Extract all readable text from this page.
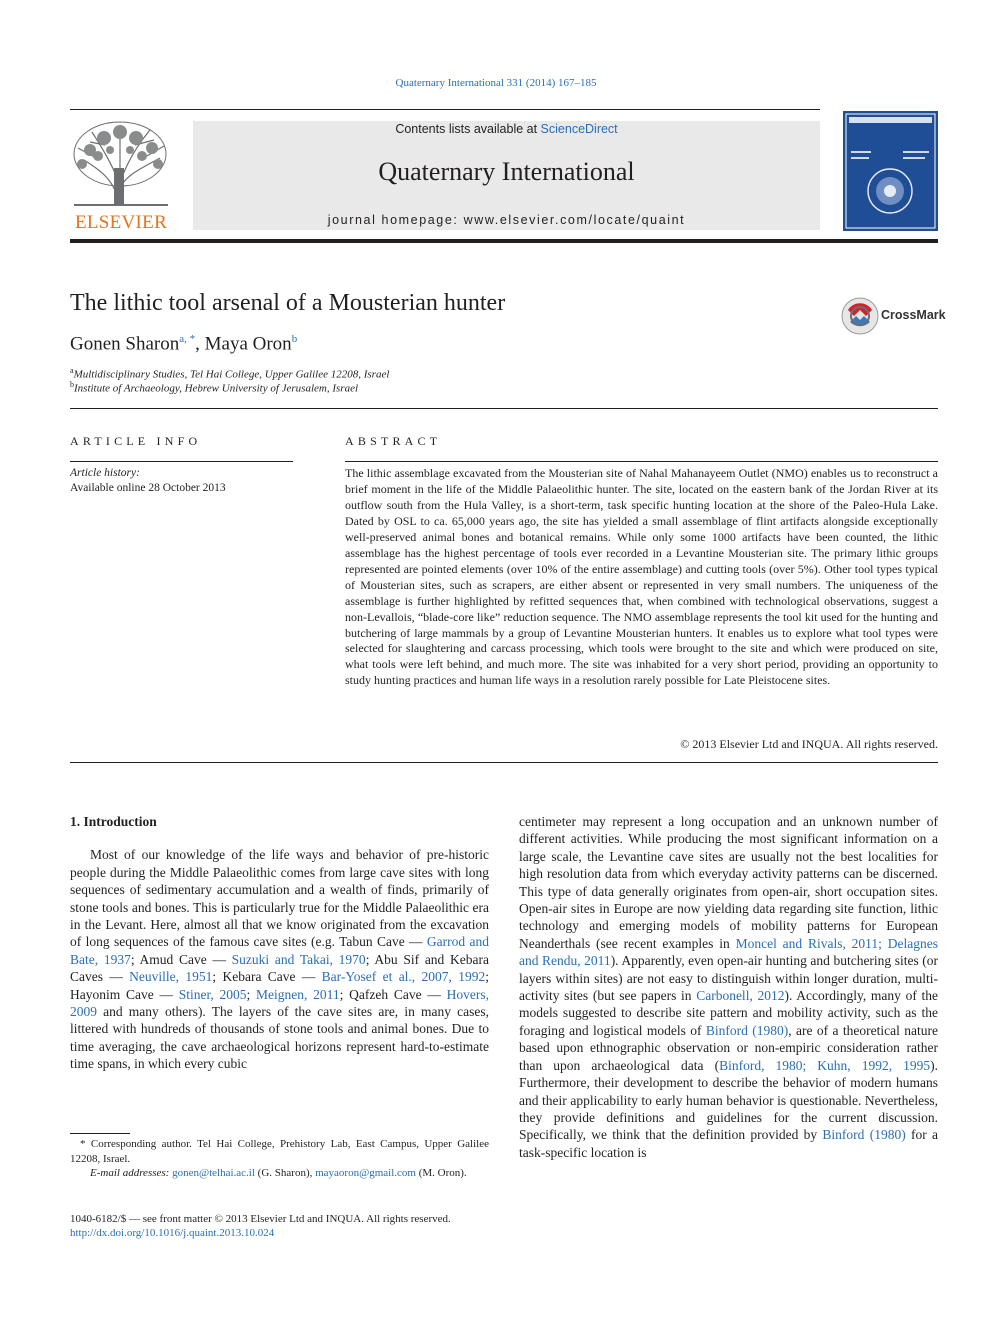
Quaternary International 331 (2014) 167–185
ELSEVIER
Contents lists available at ScienceDirect
Quaternary International
journal homepage: www.elsevier.com/locate/quaint
The lithic tool arsenal of a Mousterian hunter	CrossMark
Gonen Sharon$^{a, *}$, Maya Oron$^b$
$^a$Multidisciplinary Studies, Tel Hai College, Upper Galilee 12208, Israel
$^b$Institute of Archaeology, Hebrew University of Jerusalem, Israel
ARTICLE INFO	ABSTRACT
Article history:
Available online 28 October 2013
The lithic assemblage excavated from the Mousterian site of Nahal Mahanayeem Outlet (NMO) enables us to reconstruct a brief moment in the life of the Middle Palaeolithic hunter. The site, located on the eastern bank of the Jordan River at its outflow south from the Hula Valley, is a short-term, task specific hunting location at the shore of the Paleo-Hula Lake. Dated by OSL to ca. 65,000 years ago, the site has yielded a small assemblage of flint artifacts alongside exceptionally well-preserved animal bones and botanical remains. While only some 1000 artifacts have been counted, the lithic assemblage has the highest percentage of tools ever recorded in a Levantine Mousterian site. The primary lithic groups represented are pointed elements (over 10% of the entire assemblage) and cutting tools (over 5%). Other tool types typical of Mousterian sites, such as scrapers, are either absent or represented in very small numbers. The uniqueness of the assemblage is further highlighted by refitted sequences that, when combined with technological observations, suggest a non-Levallois, “blade-core like” reduction sequence. The NMO assemblage represents the tool kit used for the hunting and butchering of large mammals by a group of Levantine Mousterian hunters. It enables us to explore what tool types were selected for slaughtering and carcass processing, which tools were brought to the site and which were produced on site, what tools were left behind, and much more. The site was inhabited for a very short period, providing an opportunity to study hunting practices and human life ways in a resolution rarely possible for Late Pleistocene sites.
© 2013 Elsevier Ltd and INQUA. All rights reserved.

1. Introduction

Most of our knowledge of the life ways and behavior of pre-historic people during the Middle Palaeolithic comes from large cave sites with long sequences of sedimentary accumulation and a wealth of finds, primarily of stone tools and bones. This is particularly true for the Middle Palaeolithic era in the Levant. Here, almost all that we know originated from the excavation of long sequences of the famous cave sites (e.g. Tabun Cave — Garrod and Bate, 1937; Amud Cave — Suzuki and Takai, 1970; Abu Sif and Kebara Caves — Neuville, 1951; Kebara Cave — Bar-Yosef et al., 2007, 1992; Hayonim Cave — Stiner, 2005; Meignen, 2011; Qafzeh Cave — Hovers, 2009 and many others). The layers of the cave sites are, in many cases, littered with hundreds of thousands of stone tools and animal bones. Due to time averaging, the cave archaeological horizons represent hard-to-estimate time spans, in which every cubic

centimeter may represent a long occupation and an unknown number of different activities. While producing the most significant information on a large scale, the Levantine cave sites are usually not the best localities for high resolution data from which everyday activity patterns can be discerned. This type of data generally originates from open-air, short occupation sites. Open-air sites in Europe are now yielding data regarding site function, lithic technology and emerging models of mobility patterns for European Neanderthals (see recent examples in Moncel and Rivals, 2011; Delagnes and Rendu, 2011). Apparently, even open-air hunting and butchering sites (or layers within sites) are not easy to distinguish within longer duration, multi-activity sites (but see papers in Carbonell, 2012). Accordingly, many of the models suggested to describe site pattern and mobility activity, such as the foraging and logistical models of Binford (1980), are of a theoretical nature based upon ethnographic observation or non-empiric consideration rather than upon archaeological data (Binford, 1980; Kuhn, 1992, 1995). Furthermore, their development to describe the behavior of modern humans and their applicability to early human behavior is questionable. Nevertheless, they provide definitions and guidelines for the current discussion. Specifically, we think that the definition provided by Binford (1980) for a task-specific location is

* Corresponding author. Tel Hai College, Prehistory Lab, East Campus, Upper Galilee 12208, Israel.
E-mail addresses: gonen@telhai.ac.il (G. Sharon), mayaoron@gmail.com (M. Oron).
1040-6182/$ — see front matter © 2013 Elsevier Ltd and INQUA. All rights reserved.
http://dx.doi.org/10.1016/j.quaint.2013.10.024
